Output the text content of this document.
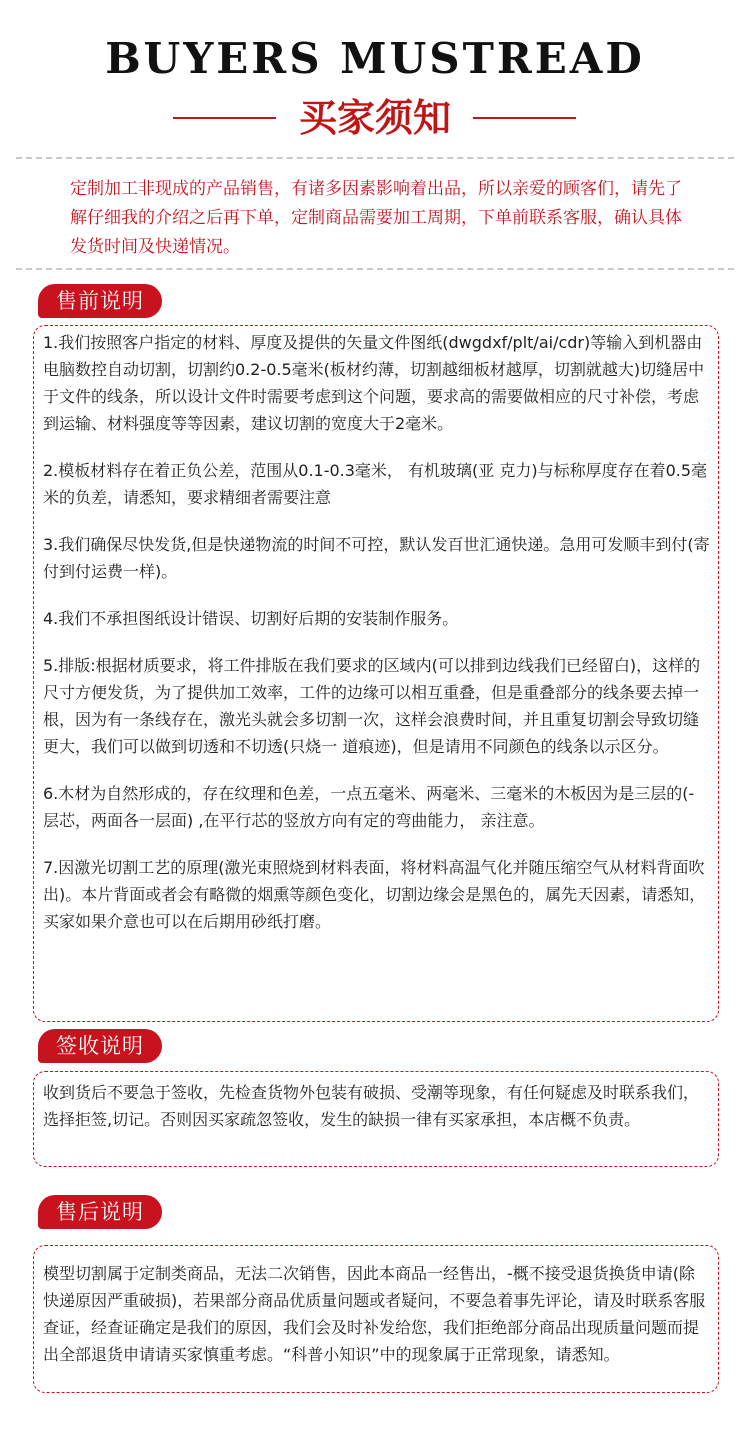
BUYERS MUSTREAD
买家须知

定制加工非现成的产品销售，有诸多因素影响着出品，所以亲爱的顾客们，请先了解仔细我的介绍之后再下单，定制商品需要加工周期，下单前联系客服，确认具体发货时间及快递情况。

售前说明

1.我们按照客户指定的材料、厚度及提供的矢量文件图纸(dwgdxf/plt/ai/cdr)等输入到机器由电脑数控自动切割，切割约0.2-0.5毫米(板材约薄，切割越细板材越厚，切割就越大)切缝居中于文件的线条，所以设计文件时需要考虑到这个问题，要求高的需要做相应的尺寸补偿，考虑到运输、材料强度等等因素，建议切割的宽度大于2毫米。

2.模板材料存在着正负公差，范围从0.1-0.3毫米， 有机玻璃(亚 克力)与标称厚度存在着0.5毫米的负差，请悉知，要求精细者需要注意

3.我们确保尽快发货,但是快递物流的时间不可控，默认发百世汇通快递。急用可发顺丰到付(寄付到付运费一样)。

4.我们不承担图纸设计错误、切割好后期的安装制作服务。

5.排版:根据材质要求，将工件排版在我们要求的区域内(可以排到边线我们已经留白)，这样的尺寸方便发货，为了提供加工效率，工件的边缘可以相互重叠，但是重叠部分的线条要去掉一根，因为有一条线存在，激光头就会多切割一次，这样会浪费时间，并且重复切割会导致切缝更大，我们可以做到切透和不切透(只烧一 道痕迹)，但是请用不同颜色的线条以示区分。

6.木材为自然形成的，存在纹理和色差，一点五毫米、两毫米、三毫米的木板因为是三层的(- 层芯，两面各一层面) ,在平行芯的竖放方向有定的弯曲能力， 亲注意。

7.因激光切割工艺的原理(激光束照烧到材料表面，将材料高温气化并随压缩空气从材料背面吹出)。本片背面或者会有略微的烟熏等颜色变化，切割边缘会是黑色的，属先天因素，请悉知，买家如果介意也可以在后期用砂纸打磨。

签收说明

收到货后不要急于签收，先检查货物外包装有破损、受潮等现象，有任何疑虑及时联系我们，选择拒签,切记。否则因买家疏忽签收，发生的缺损一律有买家承担，本店概不负责。

售后说明

模型切割属于定制类商品，无法二次销售，因此本商品一经售出，-概不接受退货换货申请(除快递原因严重破损)，若果部分商品优质量问题或者疑问，不要急着事先评论，请及时联系客服查证，经查证确定是我们的原因，我们会及时补发给您，我们拒绝部分商品出现质量问题而提出全部退货申请请买家慎重考虑。“科普小知识”中的现象属于正常现象，请悉知。
